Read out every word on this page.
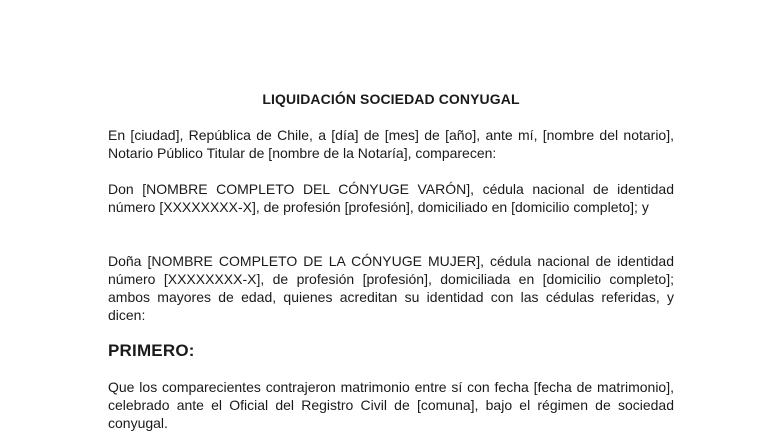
LIQUIDACIÓN SOCIEDAD CONYUGAL

En [ciudad], República de Chile, a [día] de [mes] de [año], ante mí, [nombre del notario], Notario Público Titular de [nombre de la Notaría], comparecen:

Don [NOMBRE COMPLETO DEL CÓNYUGE VARÓN], cédula nacional de identidad número [XXXXXXXX-X], de profesión [profesión], domiciliado en [domicilio completo]; y

Doña [NOMBRE COMPLETO DE LA CÓNYUGE MUJER], cédula nacional de identidad número [XXXXXXXX-X], de profesión [profesión], domiciliada en [domicilio completo]; ambos mayores de edad, quienes acreditan su identidad con las cédulas referidas, y dicen:

PRIMERO:

Que los comparecientes contrajeron matrimonio entre sí con fecha [fecha de matrimonio], celebrado ante el Oficial del Registro Civil de [comuna], bajo el régimen de sociedad conyugal.
